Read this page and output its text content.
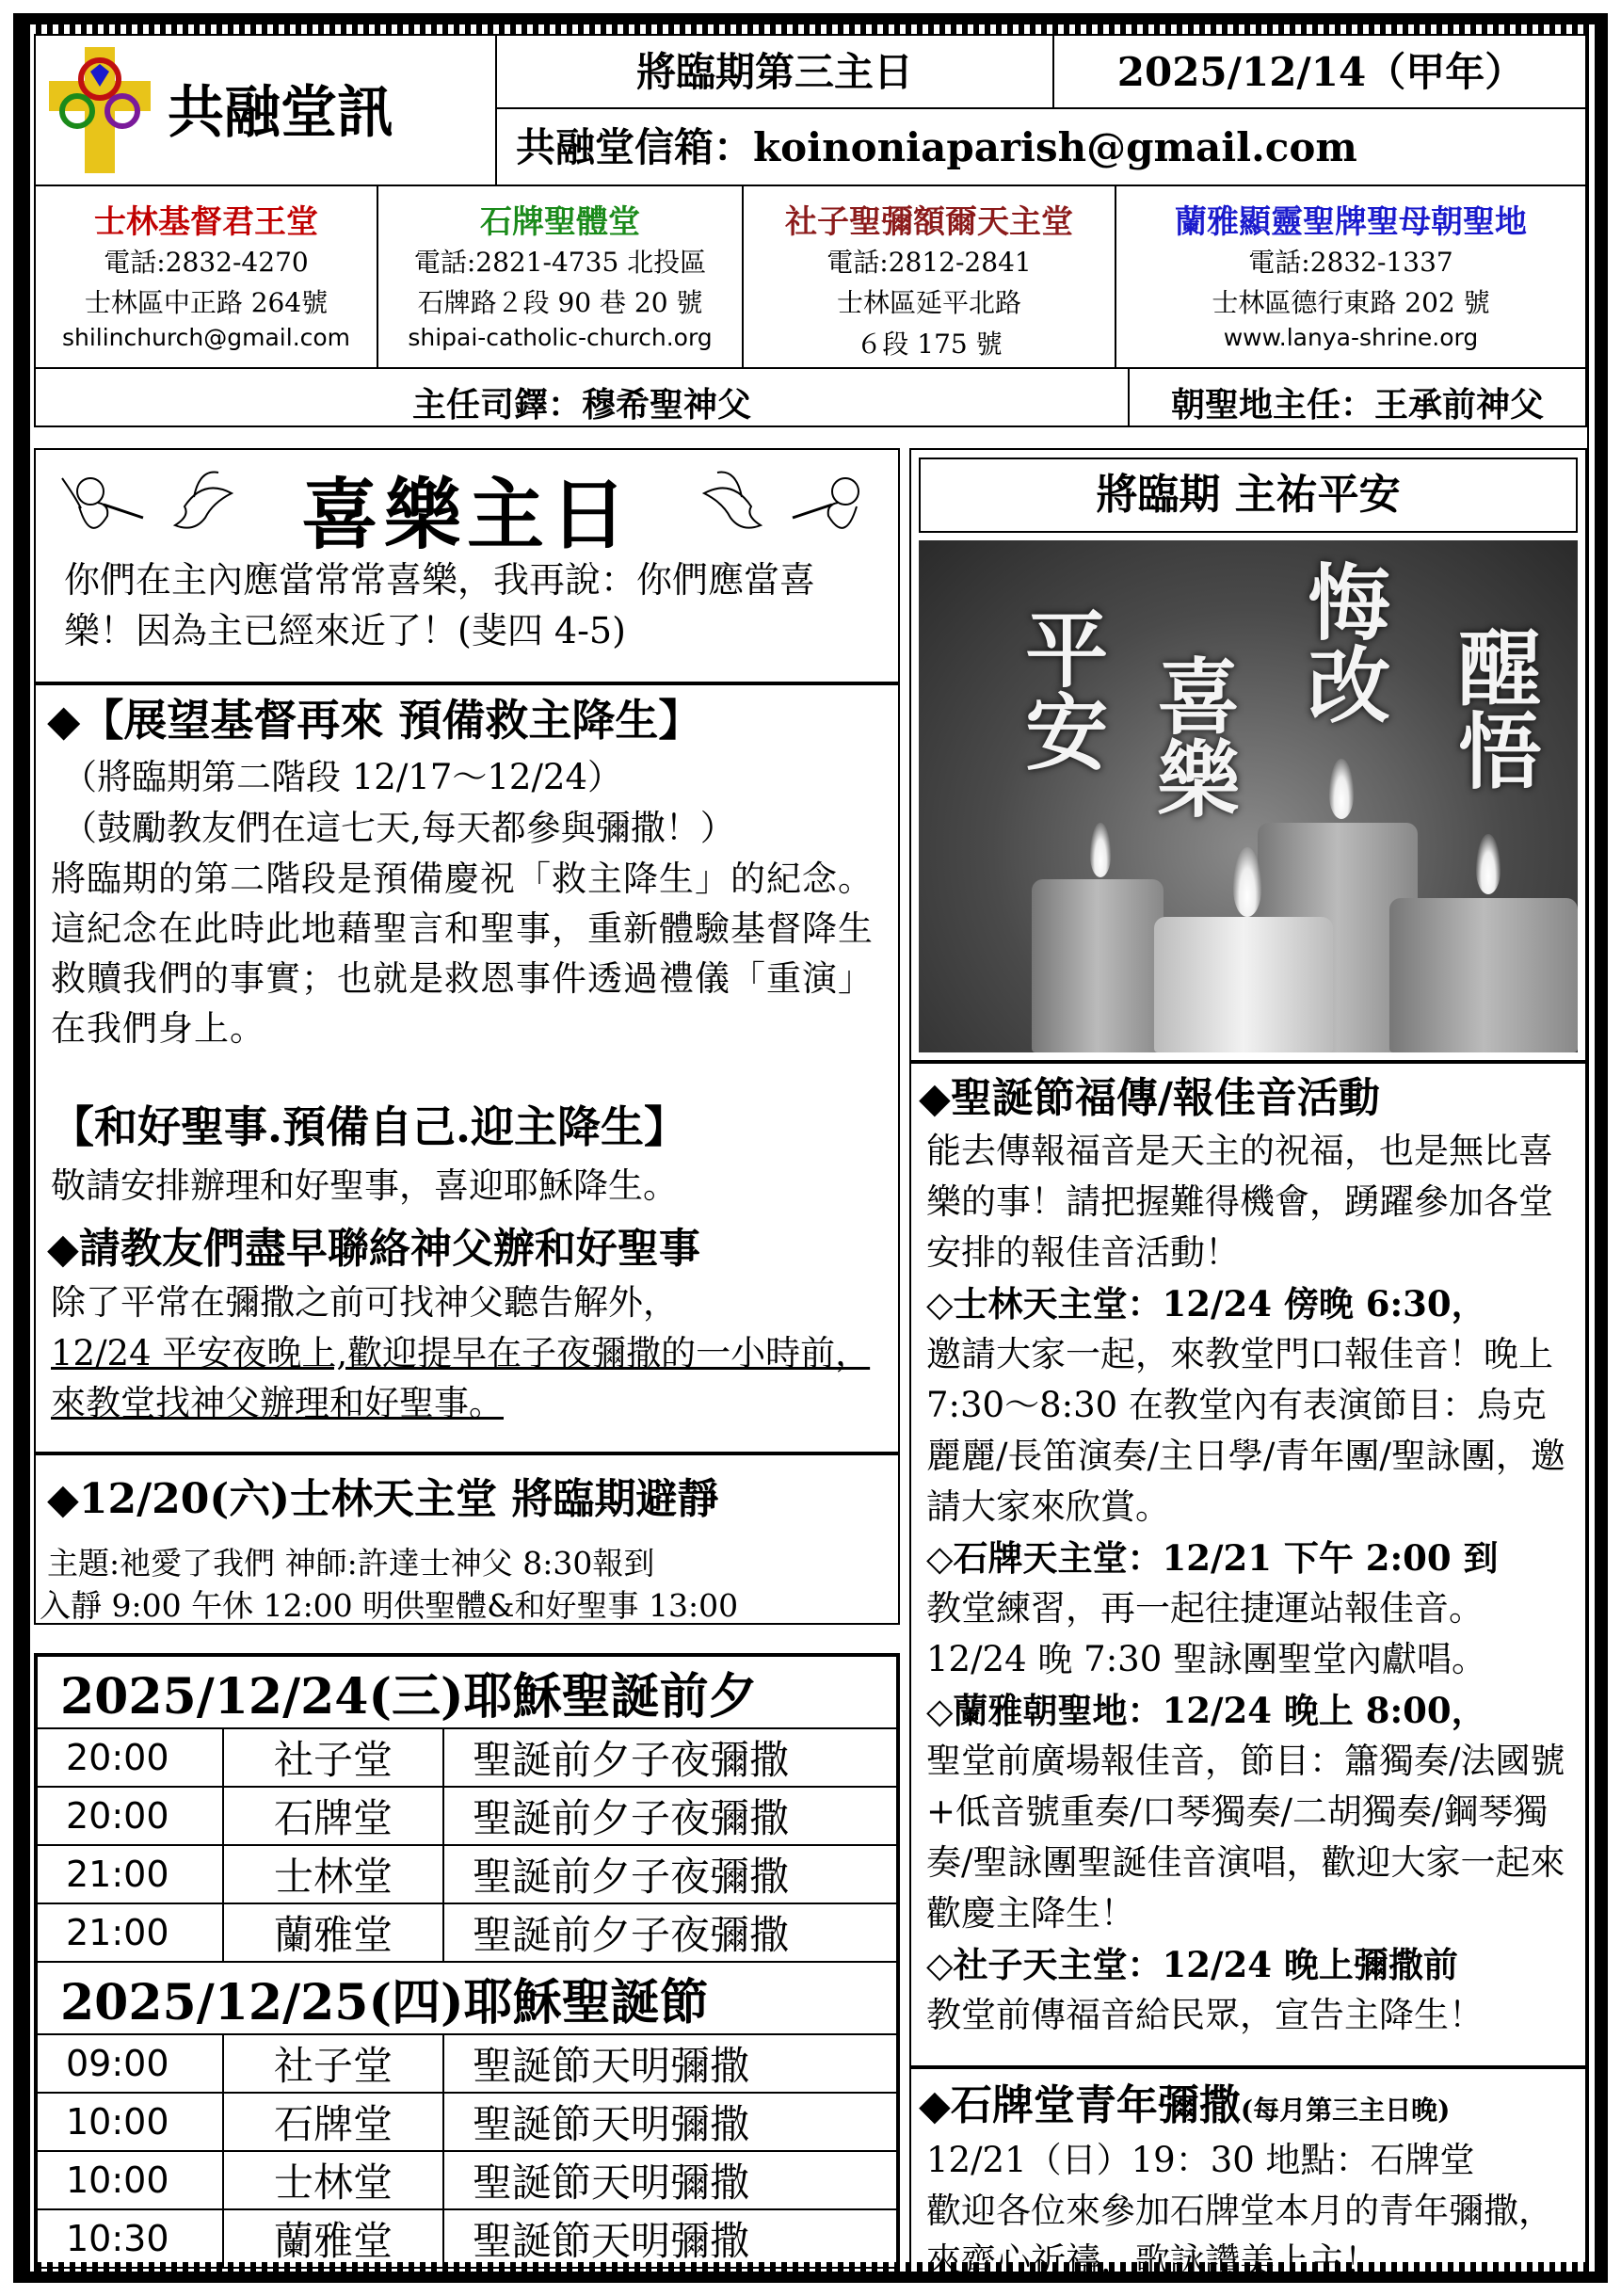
共融堂訊
將臨期第三主日	2025/12/14（甲年）
共融堂信箱：koinoniaparish@gmail.com
士林基督君王堂
電話:2832-4270
士林區中正路 264號
shilinchurch@gmail.com
石牌聖體堂
電話:2821-4735 北投區
石牌路２段 90 巷 20 號
shipai-catholic-church.org
社子聖彌額爾天主堂
電話:2812-2841
士林區延平北路
６段 175 號
蘭雅顯靈聖牌聖母朝聖地
電話:2832-1337
士林區德行東路 202 號
www.lanya-shrine.org
主任司鐸：穆希聖神父	朝聖地主任：王承前神父
喜樂主日
你們在主內應當常常喜樂，我再說：你們應當喜樂！因為主已經來近了！(斐四 4-5)
◆【展望基督再來 預備救主降生】
（將臨期第二階段 12/17～12/24）
（鼓勵教友們在這七天,每天都參與彌撒！）
將臨期的第二階段是預備慶祝「救主降生」的紀念。這紀念在此時此地藉聖言和聖事，重新體驗基督降生救贖我們的事實；也就是救恩事件透過禮儀「重演」在我們身上。
【和好聖事.預備自己.迎主降生】
敬請安排辦理和好聖事，喜迎耶穌降生。
◆請教友們盡早聯絡神父辦和好聖事
除了平常在彌撒之前可找神父聽告解外，
12/24 平安夜晚上,歡迎提早在子夜彌撒的一小時前，來教堂找神父辦理和好聖事。
◆12/20(六)士林天主堂 將臨期避靜
主題:祂愛了我們 神師:許達士神父 8:30報到
入靜 9:00 午休 12:00 明供聖體&和好聖事 13:00
2025/12/24(三)耶穌聖誕前夕		
20:00	社子堂	聖誕前夕子夜彌撒
20:00	石牌堂	聖誕前夕子夜彌撒
21:00	士林堂	聖誕前夕子夜彌撒
21:00	蘭雅堂	聖誕前夕子夜彌撒
2025/12/25(四)耶穌聖誕節		
09:00	社子堂	聖誕節天明彌撒
10:00	石牌堂	聖誕節天明彌撒
10:00	士林堂	聖誕節天明彌撒
10:30	蘭雅堂	聖誕節天明彌撒
將臨期 主祐平安
平安 喜樂
悔改 醒悟
◆聖誕節福傳/報佳音活動
能去傳報福音是天主的祝福，也是無比喜樂的事！請把握難得機會，踴躍參加各堂安排的報佳音活動！
◇士林天主堂：12/24 傍晚 6:30，
邀請大家一起，來教堂門口報佳音！晚上 7:30～8:30 在教堂內有表演節目：烏克麗麗/長笛演奏/主日學/青年團/聖詠團，邀請大家來欣賞。
◇石牌天主堂：12/21 下午 2:00 到
教堂練習，再一起往捷運站報佳音。12/24 晚 7:30 聖詠團聖堂內獻唱。
◇蘭雅朝聖地：12/24 晚上 8:00，
聖堂前廣場報佳音，節目：簫獨奏/法國號+低音號重奏/口琴獨奏/二胡獨奏/鋼琴獨奏/聖詠團聖誕佳音演唱，歡迎大家一起來歡慶主降生！
◇社子天主堂：12/24 晚上彌撒前
教堂前傳福音給民眾，宣告主降生！
◆石牌堂青年彌撒(每月第三主日晚)
12/21（日）19：30 地點：石牌堂
歡迎各位來參加石牌堂本月的青年彌撒，來齊心祈禱，歌詠讚美上主！
